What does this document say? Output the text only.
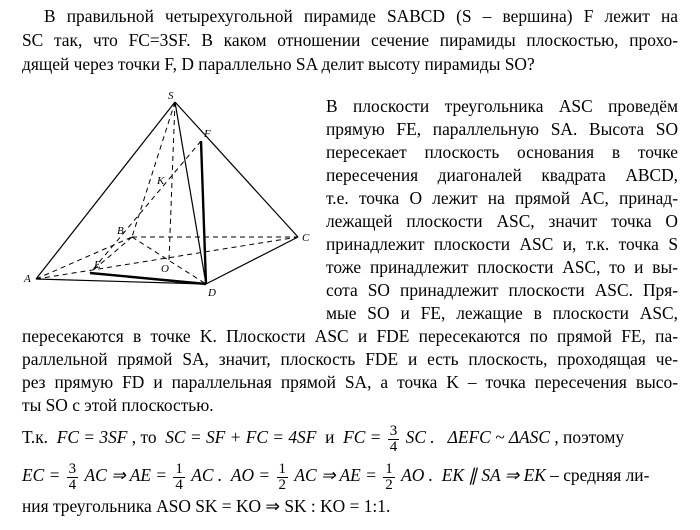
В правильной четырехугольной пирамиде SABCD (S – вершина) F лежит на
SC так, что FC=3SF. В каком отношении сечение пирамиды плоскостью, прохо-
дящей через точки F, D параллельно SA делит высоту пирамиды SO?
S
F
K
B
C
E	O
A
D
В плоскости треугольника ASC проведём
прямую FE, параллельную SA. Высота SO
пересекает плоскость основания в точке
пересечения диагоналей квадрата ABCD,
т.е. точка O лежит на прямой AC, принад-
лежащей плоскости ASC, значит точка O
принадлежит плоскости ASC и, т.к. точка S
тоже принадлежит плоскости ASC, то и вы-
сота SO принадлежит плоскости ASC. Пря-
мые SO и FE, лежащие в плоскости ASC,
пересекаются в точке K. Плоскости ASC и FDE пересекаются по прямой FE, па-
раллельной прямой SA, значит, плоскость FDE и есть плоскость, проходящая че-
рез прямую FD и параллельная прямой SA, а точка K – точка пересечения высо-
ты SO с этой плоскостью.
Т.к. FC = 3SF , то SC = SF + FC = 4SF и FC = $\frac{3}{4}$ SC . ΔEFC ~ ΔASC , поэтому
EC = $\frac{3}{4}$ AC ⇒ AE = $\frac{1}{4}$ AC . AO = $\frac{1}{2}$ AC ⇒ AE = $\frac{1}{2}$ AO . EK ∥ SA ⇒ EK – средняя ли-
ния треугольника ASO SK = KO ⇒ SK : KO = 1:1.
